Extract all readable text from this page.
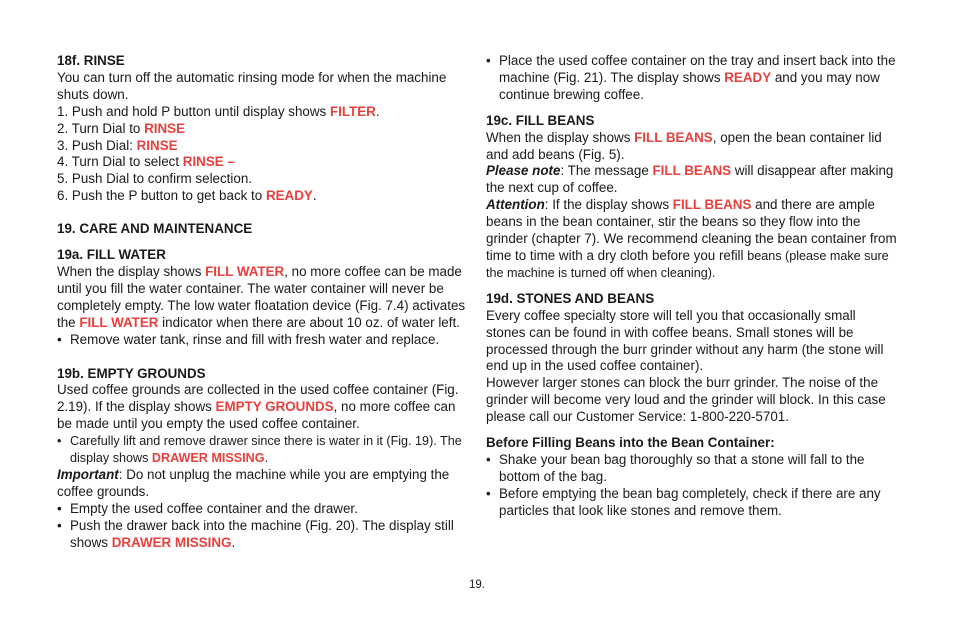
18f. RINSE

You can turn off the automatic rinsing mode for when the machine shuts down.

1. Push and hold P button until display shows FILTER.

2. Turn Dial to RINSE

3. Push Dial: RINSE

4. Turn Dial to select RINSE –

5. Push Dial to confirm selection.

6. Push the P button to get back to READY.

19. CARE AND MAINTENANCE

19a. FILL WATER

When the display shows FILL WATER, no more coffee can be made until you fill the water container. The water container will never be completely empty. The low water floatation device (Fig. 7.4) activates the FILL WATER indicator when there are about 10 oz. of water left.

• Remove water tank, rinse and fill with fresh water and replace.

19b. EMPTY GROUNDS

Used coffee grounds are collected in the used coffee container (Fig. 2.19). If the display shows EMPTY GROUNDS, no more coffee can be made until you empty the used coffee container.

• Carefully lift and remove drawer since there is water in it (Fig. 19). The display shows DRAWER MISSING.

Important: Do not unplug the machine while you are emptying the coffee grounds.

• Empty the used coffee container and the drawer.

• Push the drawer back into the machine (Fig. 20). The display still shows DRAWER MISSING.

• Place the used coffee container on the tray and insert back into the machine (Fig. 21). The display shows READY and you may now continue brewing coffee.

19c. FILL BEANS

When the display shows FILL BEANS, open the bean container lid and add beans (Fig. 5).

Please note: The message FILL BEANS will disappear after making the next cup of coffee.

Attention: If the display shows FILL BEANS and there are ample beans in the bean container, stir the beans so they flow into the grinder (chapter 7). We recommend cleaning the bean container from time to time with a dry cloth before you refill beans (please make sure the machine is turned off when cleaning).

19d. STONES AND BEANS

Every coffee specialty store will tell you that occasionally small stones can be found in with coffee beans. Small stones will be processed through the burr grinder without any harm (the stone will end up in the used coffee container).

However larger stones can block the burr grinder. The noise of the grinder will become very loud and the grinder will block. In this case please call our Customer Service: 1-800-220-5701.

Before Filling Beans into the Bean Container:

• Shake your bean bag thoroughly so that a stone will fall to the bottom of the bag.

• Before emptying the bean bag completely, check if there are any particles that look like stones and remove them.

19.
